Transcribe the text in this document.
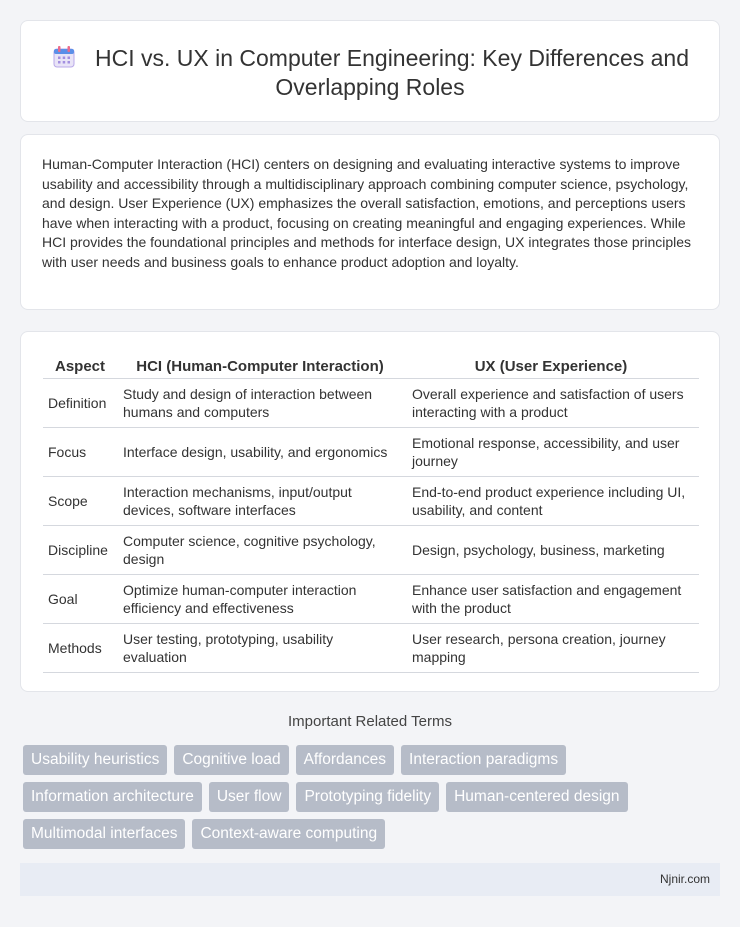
HCI vs. UX in Computer Engineering: Key Differences and Overlapping Roles

Human-Computer Interaction (HCI) centers on designing and evaluating interactive systems to improve usability and accessibility through a multidisciplinary approach combining computer science, psychology, and design. User Experience (UX) emphasizes the overall satisfaction, emotions, and perceptions users have when interacting with a product, focusing on creating meaningful and engaging experiences. While HCI provides the foundational principles and methods for interface design, UX integrates those principles with user needs and business goals to enhance product adoption and loyalty.

Aspect	HCI (Human-Computer Interaction)	UX (User Experience)
Definition	Study and design of interaction between humans and computers	Overall experience and satisfaction of users interacting with a product
Focus	Interface design, usability, and ergonomics	Emotional response, accessibility, and user journey
Scope	Interaction mechanisms, input/output devices, software interfaces	End-to-end product experience including UI, usability, and content
Discipline	Computer science, cognitive psychology, design	Design, psychology, business, marketing
Goal	Optimize human-computer interaction efficiency and effectiveness	Enhance user satisfaction and engagement with the product
Methods	User testing, prototyping, usability evaluation	User research, persona creation, journey mapping
Important Related Terms
Usability heuristics	Cognitive load	Affordances	Interaction paradigms
Information architecture	User flow	Prototyping fidelity	Human-centered design
Multimodal interfaces	Context-aware computing
Njnir.com
